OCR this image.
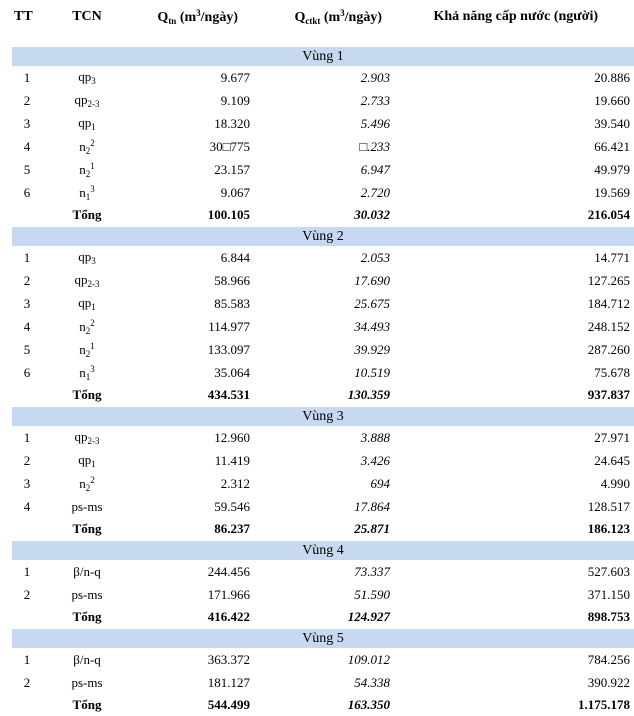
TT	TCN	$Q_{tn}$ $(m^3/ngày)$	$Q_{ctkt}$ $(m^3/ngày)$	Khả năng cấp nước (người)

Vùng 1				
1	$qp_3$	9.677	2.903	20.886
2	$qp_{2-3}$	9.109	2.733	19.660
3	$qp_1$	18.320	5.496	39.540
4	$n_2^2$	30□775	□.233	66.421
5	$n_2^1$	23.157	6.947	49.979
6	$n_1^3$	9.067	2.720	19.569
	Tổng	100.105	30.032	216.054
Vùng 2				
1	$qp_3$	6.844	2.053	14.771
2	$qp_{2-3}$	58.966	17.690	127.265
3	$qp_1$	85.583	25.675	184.712
4	$n_2^2$	114.977	34.493	248.152
5	$n_2^1$	133.097	39.929	287.260
6	$n_1^3$	35.064	10.519	75.678
	Tổng	434.531	130.359	937.837
Vùng 3				
1	$qp_{2-3}$	12.960	3.888	27.971
2	$qp_1$	11.419	3.426	24.645
3	$n_2^2$	2.312	694	4.990
4	ps-ms	59.546	17.864	128.517
	Tổng	86.237	25.871	186.123
Vùng 4				
1	β/n-q	244.456	73.337	527.603
2	ps-ms	171.966	51.590	371.150
	Tổng	416.422	124.927	898.753
Vùng 5				
1	β/n-q	363.372	109.012	784.256
2	ps-ms	181.127	54.338	390.922
	Tổng	544.499	163.350	1.175.178
